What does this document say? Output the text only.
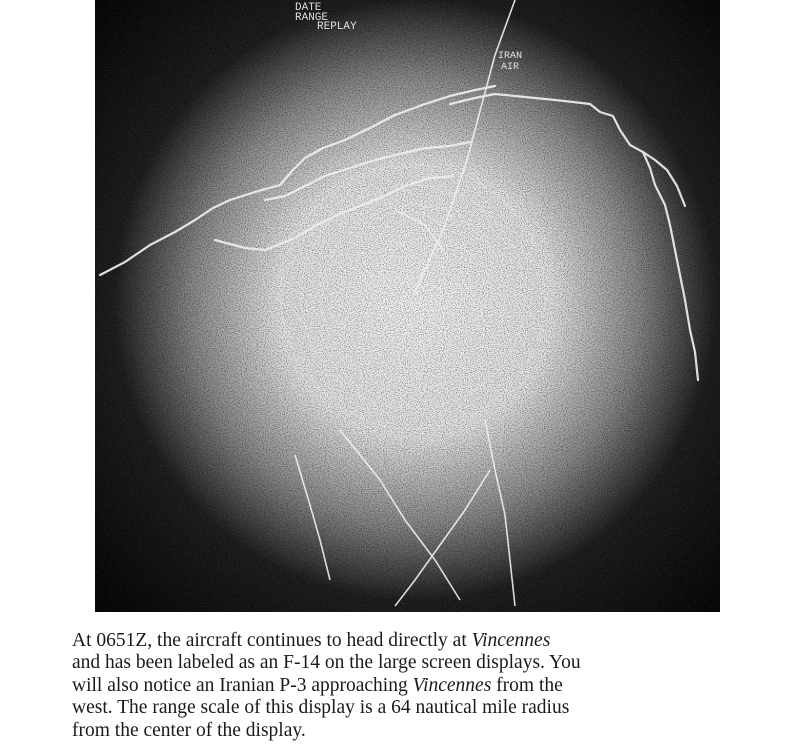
DATE
RANGE
REPLAY
IRAN
AIR
At 0651Z, the aircraft continues to head directly at Vincennes
and has been labeled as an F-14 on the large screen displays. You
will also notice an Iranian P-3 approaching Vincennes from the
west. The range scale of this display is a 64 nautical mile radius
from the center of the display.
